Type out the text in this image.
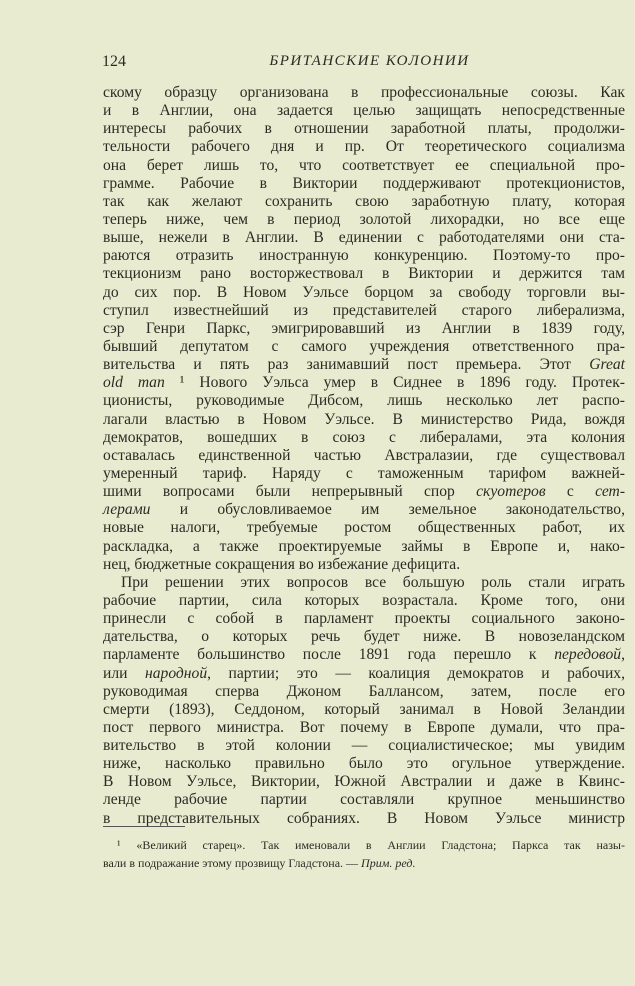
124	БРИТАНСКИЕ КОЛОНИИ
скому образцу организована в профессиональные союзы. Как
и в Англии, она задается целью защищать непосредственные
интересы рабочих в отношении заработной платы, продолжи-
тельности рабочего дня и пр. От теоретического социализма
она берет лишь то, что соответствует ее специальной про-
грамме. Рабочие в Виктории поддерживают протекционистов,
так как желают сохранить свою заработную плату, которая
теперь ниже, чем в период золотой лихорадки, но все еще
выше, нежели в Англии. В единении с работодателями они ста-
раются отразить иностранную конкуренцию. Поэтому-то про-
текционизм рано восторжествовал в Виктории и держится там
до сих пор. В Новом Уэльсе борцом за свободу торговли вы-
ступил известнейший из представителей старого либерализма,
сэр Генри Паркс, эмигрировавший из Англии в 1839 году,
бывший депутатом с самого учреждения ответственного пра-
вительства и пять раз занимавший пост премьера. Этот Great
old man ¹ Нового Уэльса умер в Сиднее в 1896 году. Протек-
ционисты, руководимые Дибсом, лишь несколько лет распо-
лагали властью в Новом Уэльсе. В министерство Рида, вождя
демократов, вошедших в союз с либералами, эта колония
оставалась единственной частью Австралазии, где существовал
умеренный тариф. Наряду с таможенным тарифом важней-
шими вопросами были непрерывный спор скуотеров с сет-
лерами и обусловливаемое им земельное законодательство,
новые налоги, требуемые ростом общественных работ, их
раскладка, а также проектируемые займы в Европе и, нако-
нец, бюджетные сокращения во избежание дефицита.
При решении этих вопросов все большую роль стали играть
рабочие партии, сила которых возрастала. Кроме того, они
принесли с собой в парламент проекты социального законо-
дательства, о которых речь будет ниже. В новозеландском
парламенте большинство после 1891 года перешло к передовой,
или народной, партии; это — коалиция демократов и рабочих,
руководимая сперва Джоном Баллансом, затем, после его
смерти (1893), Седдоном, который занимал в Новой Зеландии
пост первого министра. Вот почему в Европе думали, что пра-
вительство в этой колонии — социалистическое; мы увидим
ниже, насколько правильно было это огульное утверждение.
В Новом Уэльсе, Виктории, Южной Австралии и даже в Квинс-
ленде рабочие партии составляли крупное меньшинство
в представительных собраниях. В Новом Уэльсе министр
¹ «Великий старец». Так именовали в Англии Гладстона; Паркса так назы-
вали в подражание этому прозвищу Гладстона. — Прим. ред.
